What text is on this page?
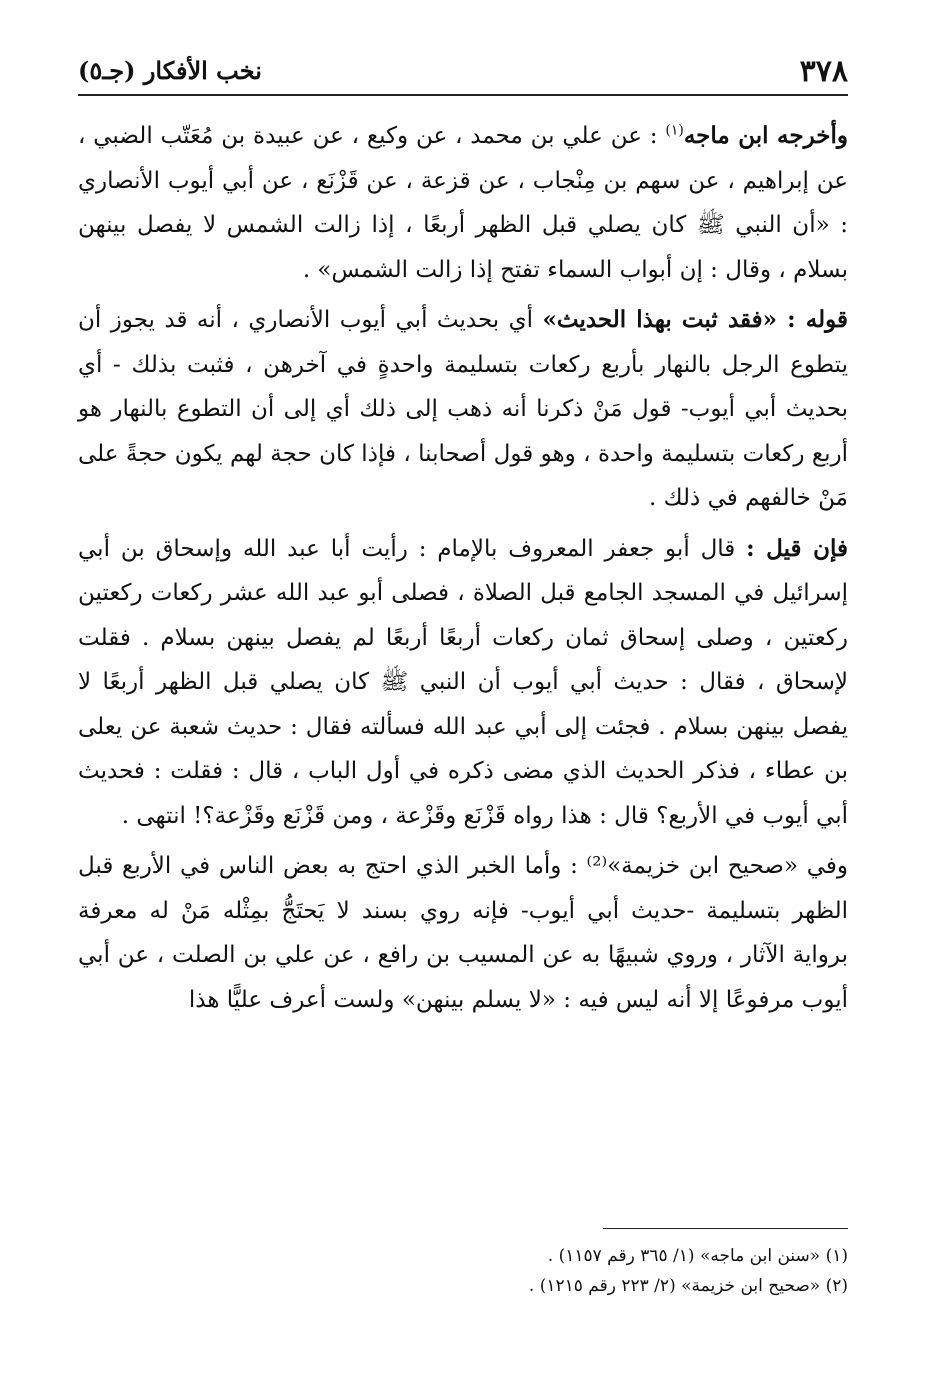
٣٧٨
نخب الأفكار (جـ٥)

وأخرجه ابن ماجه$^{(١)}$ : عن علي بن محمد ، عن وكيع ، عن عبيدة بن مُعَتّب الضبي ، عن إبراهيم ، عن سهم بن مِنْجاب ، عن قزعة ، عن قَزْنَع ، عن أبي أيوب الأنصاري : «أن النبي ﷺ كان يصلي قبل الظهر أربعًا ، إذا زالت الشمس لا يفصل بينهن بسلام ، وقال : إن أبواب السماء تفتح إذا زالت الشمس» .

قوله : «فقد ثبت بهذا الحديث» أي بحديث أبي أيوب الأنصاري ، أنه قد يجوز أن يتطوع الرجل بالنهار بأربع ركعات بتسليمة واحدةٍ في آخرهن ، فثبت بذلك - أي بحديث أبي أيوب- قول مَنْ ذكرنا أنه ذهب إلى ذلك أي إلى أن التطوع بالنهار هو أربع ركعات بتسليمة واحدة ، وهو قول أصحابنا ، فإذا كان حجة لهم يكون حجةً على مَنْ خالفهم في ذلك .

فإن قيل : قال أبو جعفر المعروف بالإمام : رأيت أبا عبد الله وإسحاق بن أبي إسرائيل في المسجد الجامع قبل الصلاة ، فصلى أبو عبد الله عشر ركعات ركعتين ركعتين ، وصلى إسحاق ثمان ركعات أربعًا أربعًا لم يفصل بينهن بسلام . فقلت لإسحاق ، فقال : حديث أبي أيوب أن النبي ﷺ كان يصلي قبل الظهر أربعًا لا يفصل بينهن بسلام . فجئت إلى أبي عبد الله فسألته فقال : حديث شعبة عن يعلى بن عطاء ، فذكر الحديث الذي مضى ذكره في أول الباب ، قال : فقلت : فحديث أبي أيوب في الأربع؟ قال : هذا رواه قَزْنَع وقَزْعة ، ومن قَزْنَع وقَزْعة؟! انتهى .

وفي «صحيح ابن خزيمة»⁽²⁾ : وأما الخبر الذي احتج به بعض الناس في الأربع قبل الظهر بتسليمة -حديث أبي أيوب- فإنه روي بسند لا يَحتَجُّ بمِثْله مَنْ له معرفة برواية الآثار ، وروي شبيهًا به عن المسيب بن رافع ، عن علي بن الصلت ، عن أبي أيوب مرفوعًا إلا أنه ليس فيه : «لا يسلم بينهن» ولست أعرف عليًّا هذا

(١) «سنن ابن ماجه» (١/ ٣٦٥ رقم ١١٥٧) .

(٢) «صحيح ابن خزيمة» (٢/ ٢٢٣ رقم ١٢١٥) .
